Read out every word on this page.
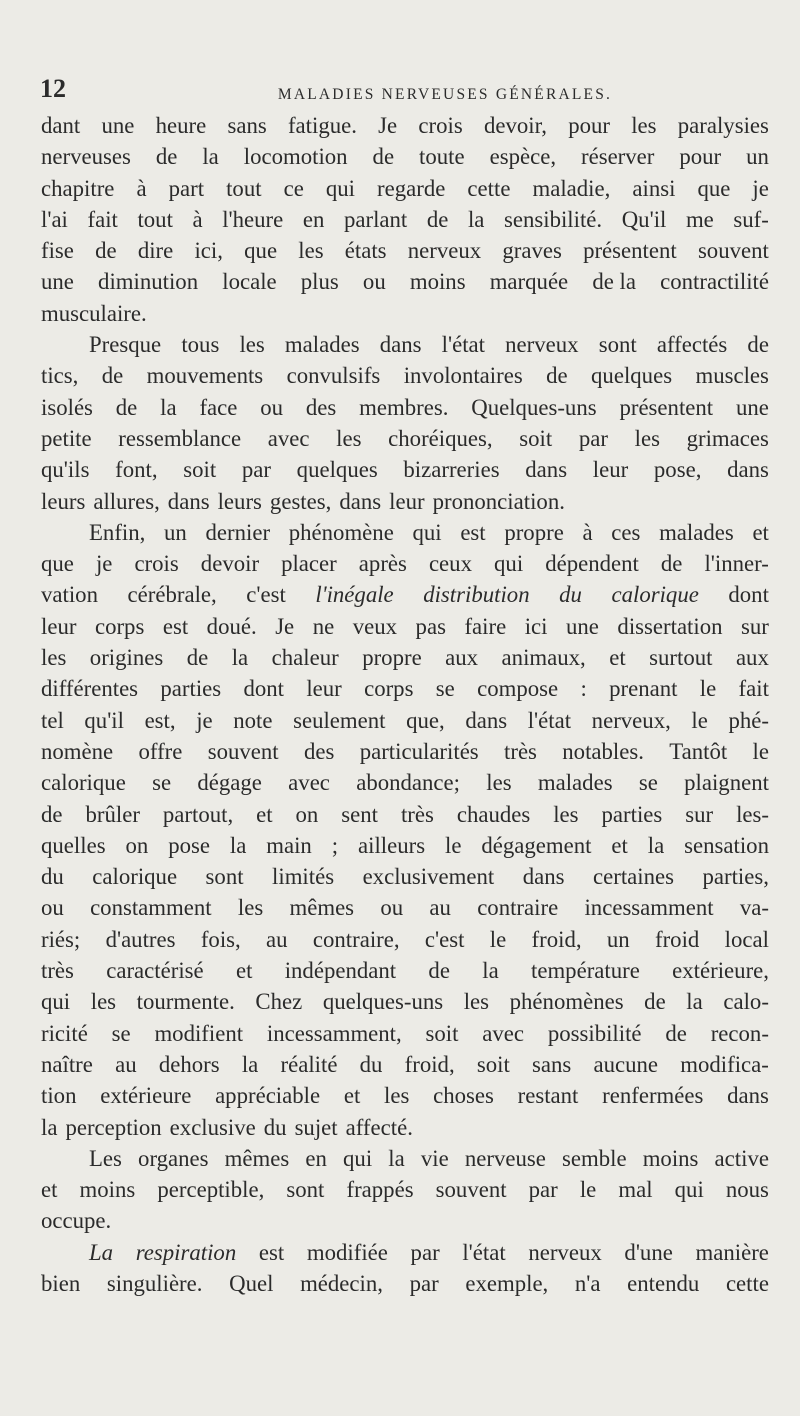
12	MALADIES NERVEUSES GÉNÉRALES.
dant une heure sans fatigue. Je crois devoir, pour les paralysies
nerveuses de la locomotion de toute espèce, réserver pour un
chapitre à part tout ce qui regarde cette maladie, ainsi que je
l'ai fait tout à l'heure en parlant de la sensibilité. Qu'il me suf-
fise de dire ici, que les états nerveux graves présentent souvent
une diminution locale plus ou moins marquée de la contractilité
musculaire.
Presque tous les malades dans l'état nerveux sont affectés de
tics, de mouvements convulsifs involontaires de quelques muscles
isolés de la face ou des membres. Quelques-uns présentent une
petite ressemblance avec les choréiques, soit par les grimaces
qu'ils font, soit par quelques bizarreries dans leur pose, dans
leurs allures, dans leurs gestes, dans leur prononciation.
Enfin, un dernier phénomène qui est propre à ces malades et
que je crois devoir placer après ceux qui dépendent de l'inner-
vation cérébrale, c'est l'inégale distribution du calorique dont
leur corps est doué. Je ne veux pas faire ici une dissertation sur
les origines de la chaleur propre aux animaux, et surtout aux
différentes parties dont leur corps se compose : prenant le fait
tel qu'il est, je note seulement que, dans l'état nerveux, le phé-
nomène offre souvent des particularités très notables. Tantôt le
calorique se dégage avec abondance; les malades se plaignent
de brûler partout, et on sent très chaudes les parties sur les-
quelles on pose la main ; ailleurs le dégagement et la sensation
du calorique sont limités exclusivement dans certaines parties,
ou constamment les mêmes ou au contraire incessamment va-
riés; d'autres fois, au contraire, c'est le froid, un froid local
très caractérisé et indépendant de la température extérieure,
qui les tourmente. Chez quelques-uns les phénomènes de la calo-
ricité se modifient incessamment, soit avec possibilité de recon-
naître au dehors la réalité du froid, soit sans aucune modifica-
tion extérieure appréciable et les choses restant renfermées dans
la perception exclusive du sujet affecté.
Les organes mêmes en qui la vie nerveuse semble moins active
et moins perceptible, sont frappés souvent par le mal qui nous
occupe.
La respiration est modifiée par l'état nerveux d'une manière
bien singulière. Quel médecin, par exemple, n'a entendu cette
